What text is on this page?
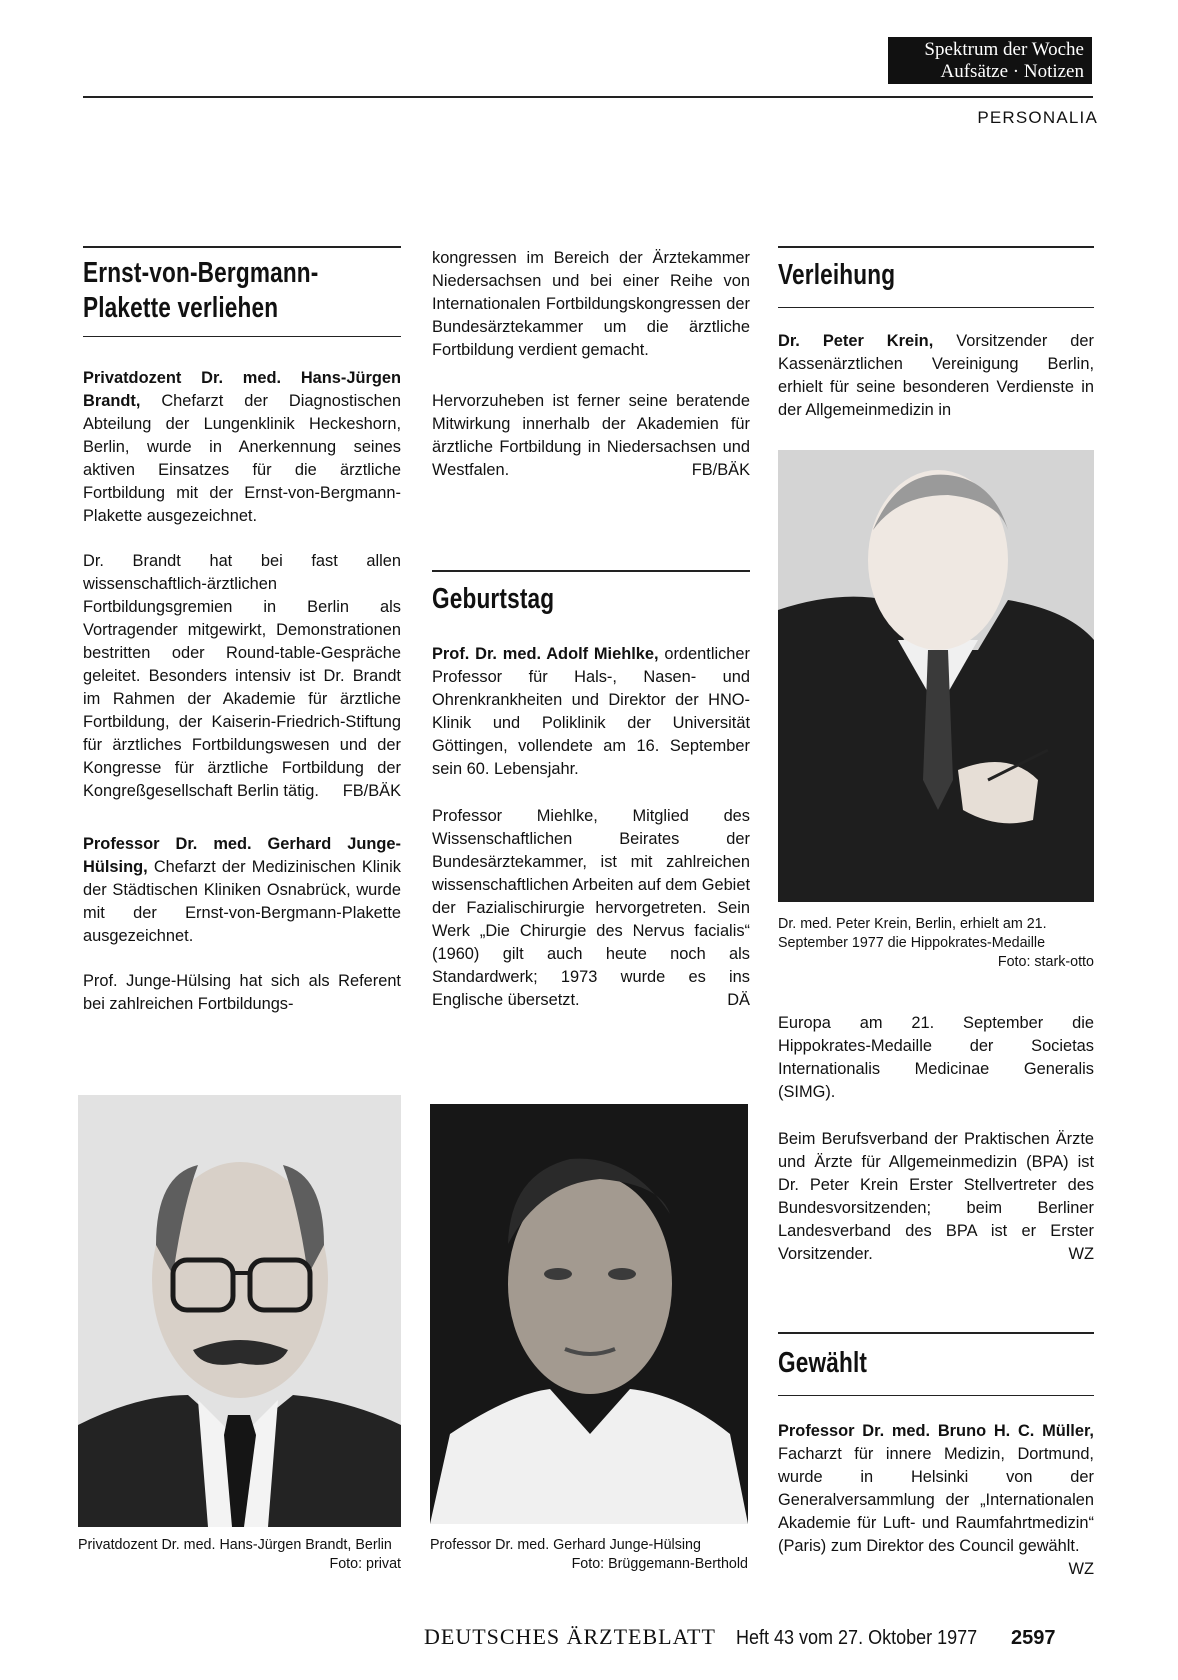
Spektrum der Woche
Aufsätze · Notizen
PERSONALIA
Ernst-von-Bergmann-
Plakette verliehen

Privatdozent Dr. med. Hans-Jürgen Brandt, Chefarzt der Diagnostischen Abteilung der Lungenklinik Heckeshorn, Berlin, wurde in Anerkennung seines aktiven Einsatzes für die ärztliche Fortbildung mit der Ernst-von-Bergmann-Plakette ausgezeichnet.

Dr. Brandt hat bei fast allen wissenschaftlich-ärztlichen Fortbildungsgremien in Berlin als Vortragender mitgewirkt, Demonstrationen bestritten oder Round-table-Gespräche geleitet. Besonders intensiv ist Dr. Brandt im Rahmen der Akademie für ärztliche Fortbildung, der Kaiserin-Friedrich-Stiftung für ärztliches Fortbildungswesen und der Kongresse für ärztliche Fortbildung der Kongreßgesellschaft Berlin tätig. FB/BÄK

Professor Dr. med. Gerhard Junge-Hülsing, Chefarzt der Medizinischen Klinik der Städtischen Kliniken Osnabrück, wurde mit der Ernst-von-Bergmann-Plakette ausgezeichnet.

Prof. Junge-Hülsing hat sich als Referent bei zahlreichen Fortbildungs-

kongressen im Bereich der Ärztekammer Niedersachsen und bei einer Reihe von Internationalen Fortbildungskongressen der Bundesärztekammer um die ärztliche Fortbildung verdient gemacht.

Hervorzuheben ist ferner seine beratende Mitwirkung innerhalb der Akademien für ärztliche Fortbildung in Niedersachsen und Westfalen.	FB/BÄK

Geburtstag

Prof. Dr. med. Adolf Miehlke, ordentlicher Professor für Hals-, Nasen- und Ohrenkrankheiten und Direktor der HNO-Klinik und Poliklinik der Universität Göttingen, vollendete am 16. September sein 60. Lebensjahr.

Professor Miehlke, Mitglied des Wissenschaftlichen Beirates der Bundesärztekammer, ist mit zahlreichen wissenschaftlichen Arbeiten auf dem Gebiet der Fazialischirurgie hervorgetreten. Sein Werk „Die Chirurgie des Nervus facialis“ (1960) gilt auch heute noch als Standardwerk; 1973 wurde es ins Englische übersetzt.	DÄ

Verleihung

Dr. Peter Krein, Vorsitzender der Kassenärztlichen Vereinigung Berlin, erhielt für seine besonderen Verdienste in der Allgemeinmedizin in

Dr. med. Peter Krein, Berlin, erhielt am 21. September 1977 die Hippokrates-Medaille
Foto: stark-otto

Europa am 21. September die Hippokrates-Medaille der Societas Internationalis Medicinae Generalis (SIMG).

Beim Berufsverband der Praktischen Ärzte und Ärzte für Allgemeinmedizin (BPA) ist Dr. Peter Krein Erster Stellvertreter des Bundesvorsitzenden; beim Berliner Landesverband des BPA ist er Erster Vorsitzender.	WZ

Gewählt

Professor Dr. med. Bruno H. C. Müller, Facharzt für innere Medizin, Dortmund, wurde in Helsinki von der Generalversammlung der „Internationalen Akademie für Luft- und Raumfahrtmedizin“ (Paris) zum Direktor des Council gewählt.
WZ

Privatdozent Dr. med. Hans-Jürgen Brandt, Berlin
Foto: privat
Professor Dr. med. Gerhard Junge-Hülsing
Foto: Brüggemann-Berthold
DEUTSCHES ÄRZTEBLATT Heft 43 vom 27. Oktober 1977 2597
